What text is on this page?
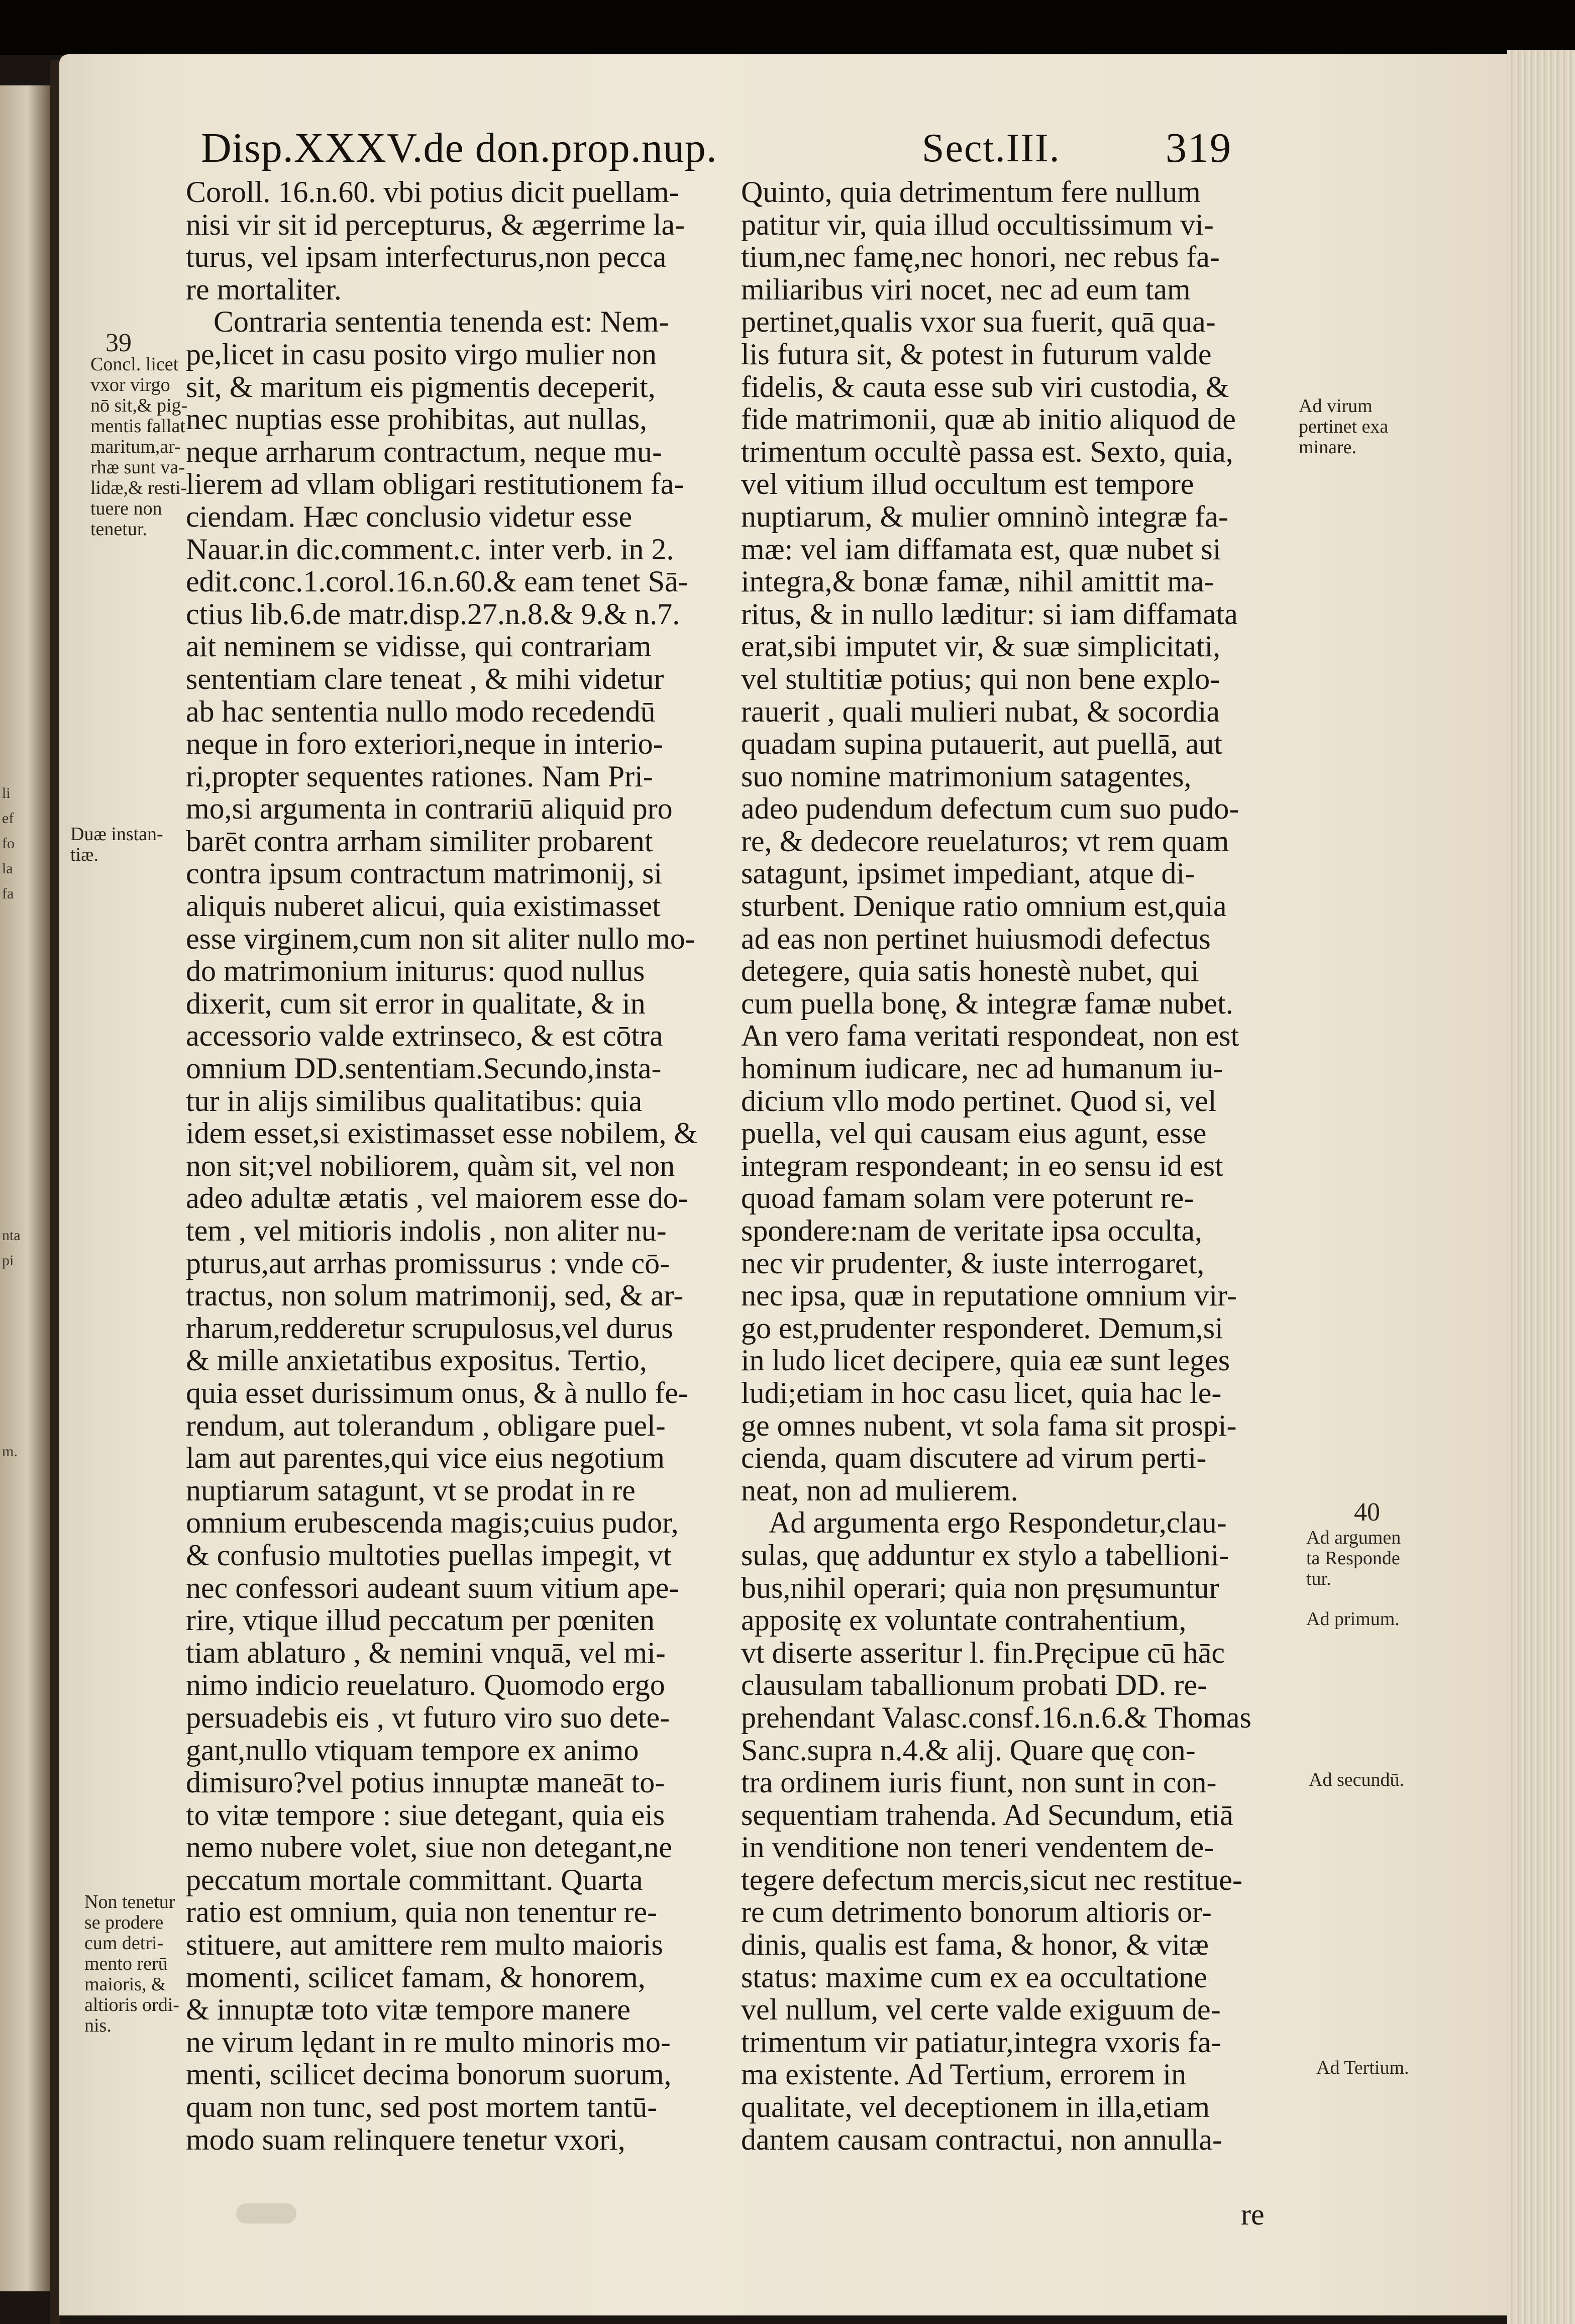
li
ef
fo
la
fa
nta
pi
m.
Disp.XXXV.de don.prop.nup.	Sect.III. 319
Coroll. 16.n.60. vbi potius dicit puellam-
nisi vir sit id percepturus, & ægerrime la-
turus, vel ipsam interfecturus,non pecca
re mortaliter.
Contraria sententia tenenda est: Nem-
pe,licet in casu posito virgo mulier non
sit, & maritum eis pigmentis deceperit,
nec nuptias esse prohibitas, aut nullas,
neque arrharum contractum, neque mu-
lierem ad vllam obligari restitutionem fa-
ciendam. Hæc conclusio videtur esse
Nauar.in dic.comment.c. inter verb. in 2.
edit.conc.1.corol.16.n.60.& eam tenet Sā-
ctius lib.6.de matr.disp.27.n.8.& 9.& n.7.
ait neminem se vidisse, qui contrariam
sententiam clare teneat , & mihi videtur
ab hac sententia nullo modo recedendū
neque in foro exteriori,neque in interio-
ri,propter sequentes rationes. Nam Pri-
mo,si argumenta in contrariū aliquid pro
barēt contra arrham similiter probarent
contra ipsum contractum matrimonij, si
aliquis nuberet alicui, quia existimasset
esse virginem,cum non sit aliter nullo mo-
do matrimonium initurus: quod nullus
dixerit, cum sit error in qualitate, & in
accessorio valde extrinseco, & est cōtra
omnium DD.sententiam.Secundo,insta-
tur in alijs similibus qualitatibus: quia
idem esset,si existimasset esse nobilem, &
non sit;vel nobiliorem, quàm sit, vel non
adeo adultæ ætatis , vel maiorem esse do-
tem , vel mitioris indolis , non aliter nu-
pturus,aut arrhas promissurus : vnde cō-
tractus, non solum matrimonij, sed, & ar-
rharum,redderetur scrupulosus,vel durus
& mille anxietatibus expositus. Tertio,
quia esset durissimum onus, & à nullo fe-
rendum, aut tolerandum , obligare puel-
lam aut parentes,qui vice eius negotium
nuptiarum satagunt, vt se prodat in re
omnium erubescenda magis;cuius pudor,
& confusio multoties puellas impegit, vt
nec confessori audeant suum vitium ape-
rire, vtique illud peccatum per pœniten
tiam ablaturo , & nemini vnquā, vel mi-
nimo indicio reuelaturo. Quomodo ergo
persuadebis eis , vt futuro viro suo dete-
gant,nullo vtiquam tempore ex animo
dimisuro?vel potius innuptæ maneāt to-
to vitæ tempore : siue detegant, quia eis
nemo nubere volet, siue non detegant,ne
peccatum mortale committant. Quarta
ratio est omnium, quia non tenentur re-
stituere, aut amittere rem multo maioris
momenti, scilicet famam, & honorem,
& innuptæ toto vitæ tempore manere
ne virum lędant in re multo minoris mo-
menti, scilicet decima bonorum suorum,
quam non tunc, sed post mortem tantū-
modo suam relinquere tenetur vxori,
Quinto, quia detrimentum fere nullum
patitur vir, quia illud occultissimum vi-
tium,nec famę,nec honori, nec rebus fa-
miliaribus viri nocet, nec ad eum tam
pertinet,qualis vxor sua fuerit, quā qua-
lis futura sit, & potest in futurum valde
fidelis, & cauta esse sub viri custodia, &
fide matrimonii, quæ ab initio aliquod de
trimentum occultè passa est. Sexto, quia,
vel vitium illud occultum est tempore
nuptiarum, & mulier omninò integræ fa-
mæ: vel iam diffamata est, quæ nubet si
integra,& bonæ famæ, nihil amittit ma-
ritus, & in nullo læditur: si iam diffamata
erat,sibi imputet vir, & suæ simplicitati,
vel stultitiæ potius; qui non bene explo-
rauerit , quali mulieri nubat, & socordia
quadam supina putauerit, aut puellā, aut
suo nomine matrimonium satagentes,
adeo pudendum defectum cum suo pudo-
re, & dedecore reuelaturos; vt rem quam
satagunt, ipsimet impediant, atque di-
sturbent. Denique ratio omnium est,quia
ad eas non pertinet huiusmodi defectus
detegere, quia satis honestè nubet, qui
cum puella bonę, & integræ famæ nubet.
An vero fama veritati respondeat, non est
hominum iudicare, nec ad humanum iu-
dicium vllo modo pertinet. Quod si, vel
puella, vel qui causam eius agunt, esse
integram respondeant; in eo sensu id est
quoad famam solam vere poterunt re-
spondere:nam de veritate ipsa occulta,
nec vir prudenter, & iuste interrogaret,
nec ipsa, quæ in reputatione omnium vir-
go est,prudenter responderet. Demum,si
in ludo licet decipere, quia eæ sunt leges
ludi;etiam in hoc casu licet, quia hac le-
ge omnes nubent, vt sola fama sit prospi-
cienda, quam discutere ad virum perti-
neat, non ad mulierem.
Ad argumenta ergo Respondetur,clau-
sulas, quę adduntur ex stylo a tabellioni-
bus,nihil operari; quia non pręsumuntur
appositę ex voluntate contrahentium,
vt diserte asseritur l. fin.Pręcipue cū hāc
clausulam taballionum probati DD. re-
prehendant Valasc.consf.16.n.6.& Thomas
Sanc.supra n.4.& alij. Quare quę con-
tra ordinem iuris fiunt, non sunt in con-
sequentiam trahenda. Ad Secundum, etiā
in venditione non teneri vendentem de-
tegere defectum mercis,sicut nec restitue-
re cum detrimento bonorum altioris or-
dinis, qualis est fama, & honor, & vitæ
status: maxime cum ex ea occultatione
vel nullum, vel certe valde exiguum de-
trimentum vir patiatur,integra vxoris fa-
ma existente. Ad Tertium, errorem in
qualitate, vel deceptionem in illa,etiam
dantem causam contractui, non annulla-
39
Concl. licet
vxor virgo
nō sit,& pig-
mentis fallat
maritum,ar-
rhæ sunt va-
lidæ,& resti-
tuere non
tenetur.
Duæ instan-
tiæ.
Non tenetur
se prodere
cum detri-
mento rerū
maioris, &
altioris ordi-
nis.
Ad virum
pertinet exa
minare.
40
Ad argumen
ta Responde
tur.
Ad primum.
Ad secundū.
Ad Tertium.
re
